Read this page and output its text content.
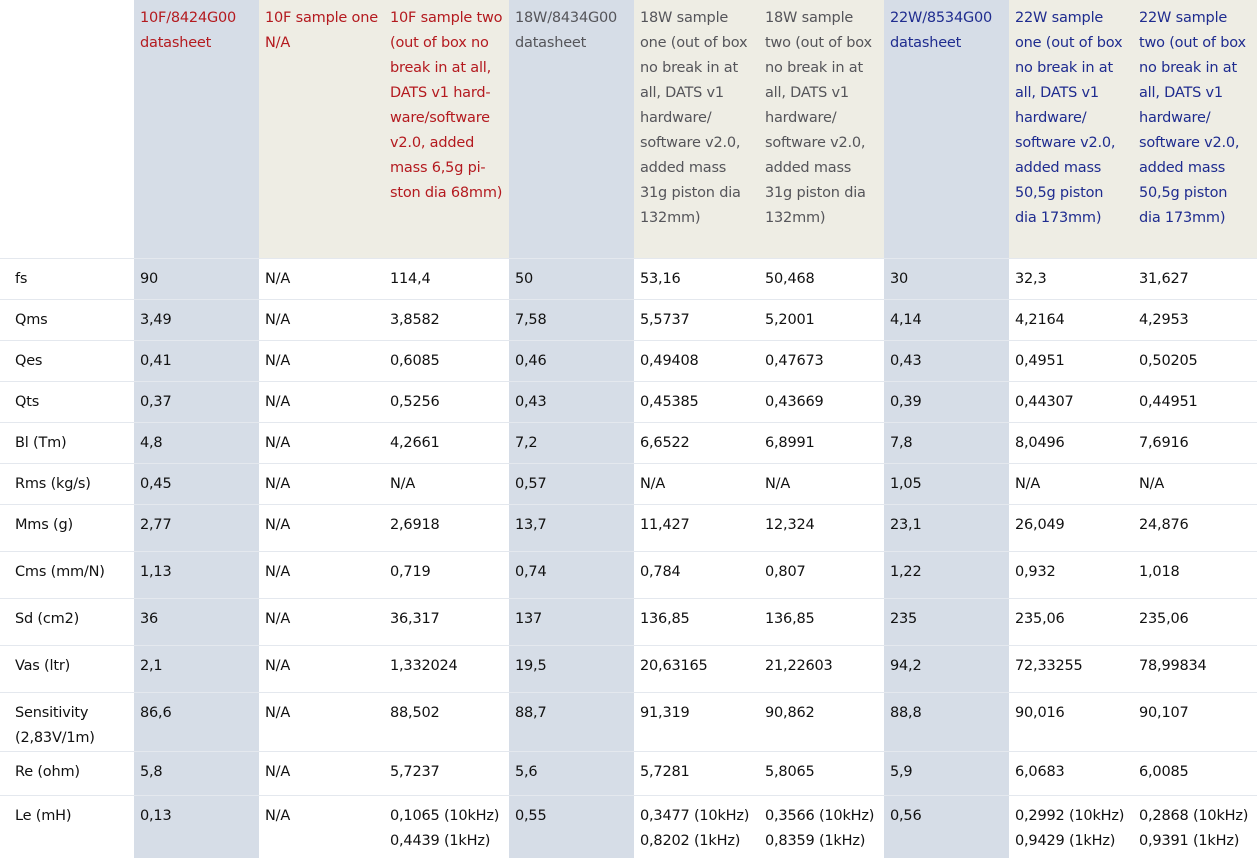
	10F/8424G00 datasheet	10F sample one N/A	10F sample two (out of box no break in at all, DATS v1 hard-ware/software v2.0, added mass 6,5g pi-ston dia 68mm)	18W/8434G00 datasheet	18W sample one (out of box no break in at all, DATS v1 hardware/ software v2.0, added mass 31g piston dia 132mm)	18W sample two (out of box no break in at all, DATS v1 hardware/ software v2.0, added mass 31g piston dia 132mm)	22W/8534G00 datasheet	22W sample one (out of box no break in at all, DATS v1 hardware/ software v2.0, added mass 50,5g piston dia 173mm)	22W sample two (out of box no break in at all, DATS v1 hardware/ software v2.0, added mass 50,5g piston dia 173mm)
fs	90	N/A	114,4	50	53,16	50,468	30	32,3	31,627
Qms	3,49	N/A	3,8582	7,58	5,5737	5,2001	4,14	4,2164	4,2953
Qes	0,41	N/A	0,6085	0,46	0,49408	0,47673	0,43	0,4951	0,50205
Qts	0,37	N/A	0,5256	0,43	0,45385	0,43669	0,39	0,44307	0,44951
Bl (Tm)	4,8	N/A	4,2661	7,2	6,6522	6,8991	7,8	8,0496	7,6916
Rms (kg/s)	0,45	N/A	N/A	0,57	N/A	N/A	1,05	N/A	N/A
Mms (g)	2,77	N/A	2,6918	13,7	11,427	12,324	23,1	26,049	24,876
Cms (mm/N)	1,13	N/A	0,719	0,74	0,784	0,807	1,22	0,932	1,018
Sd (cm2)	36	N/A	36,317	137	136,85	136,85	235	235,06	235,06
Vas (ltr)	2,1	N/A	1,332024	19,5	20,63165	21,22603	94,2	72,33255	78,99834
Sensitivity (2,83V/1m)	86,6	N/A	88,502	88,7	91,319	90,862	88,8	90,016	90,107
Re (ohm)	5,8	N/A	5,7237	5,6	5,7281	5,8065	5,9	6,0683	6,0085
Le (mH)	0,13	N/A	0,1065 (10kHz) 0,4439 (1kHz)	0,55	0,3477 (10kHz) 0,8202 (1kHz)	0,3566 (10kHz) 0,8359 (1kHz)	0,56	0,2992 (10kHz) 0,9429 (1kHz)	0,2868 (10kHz) 0,9391 (1kHz)
